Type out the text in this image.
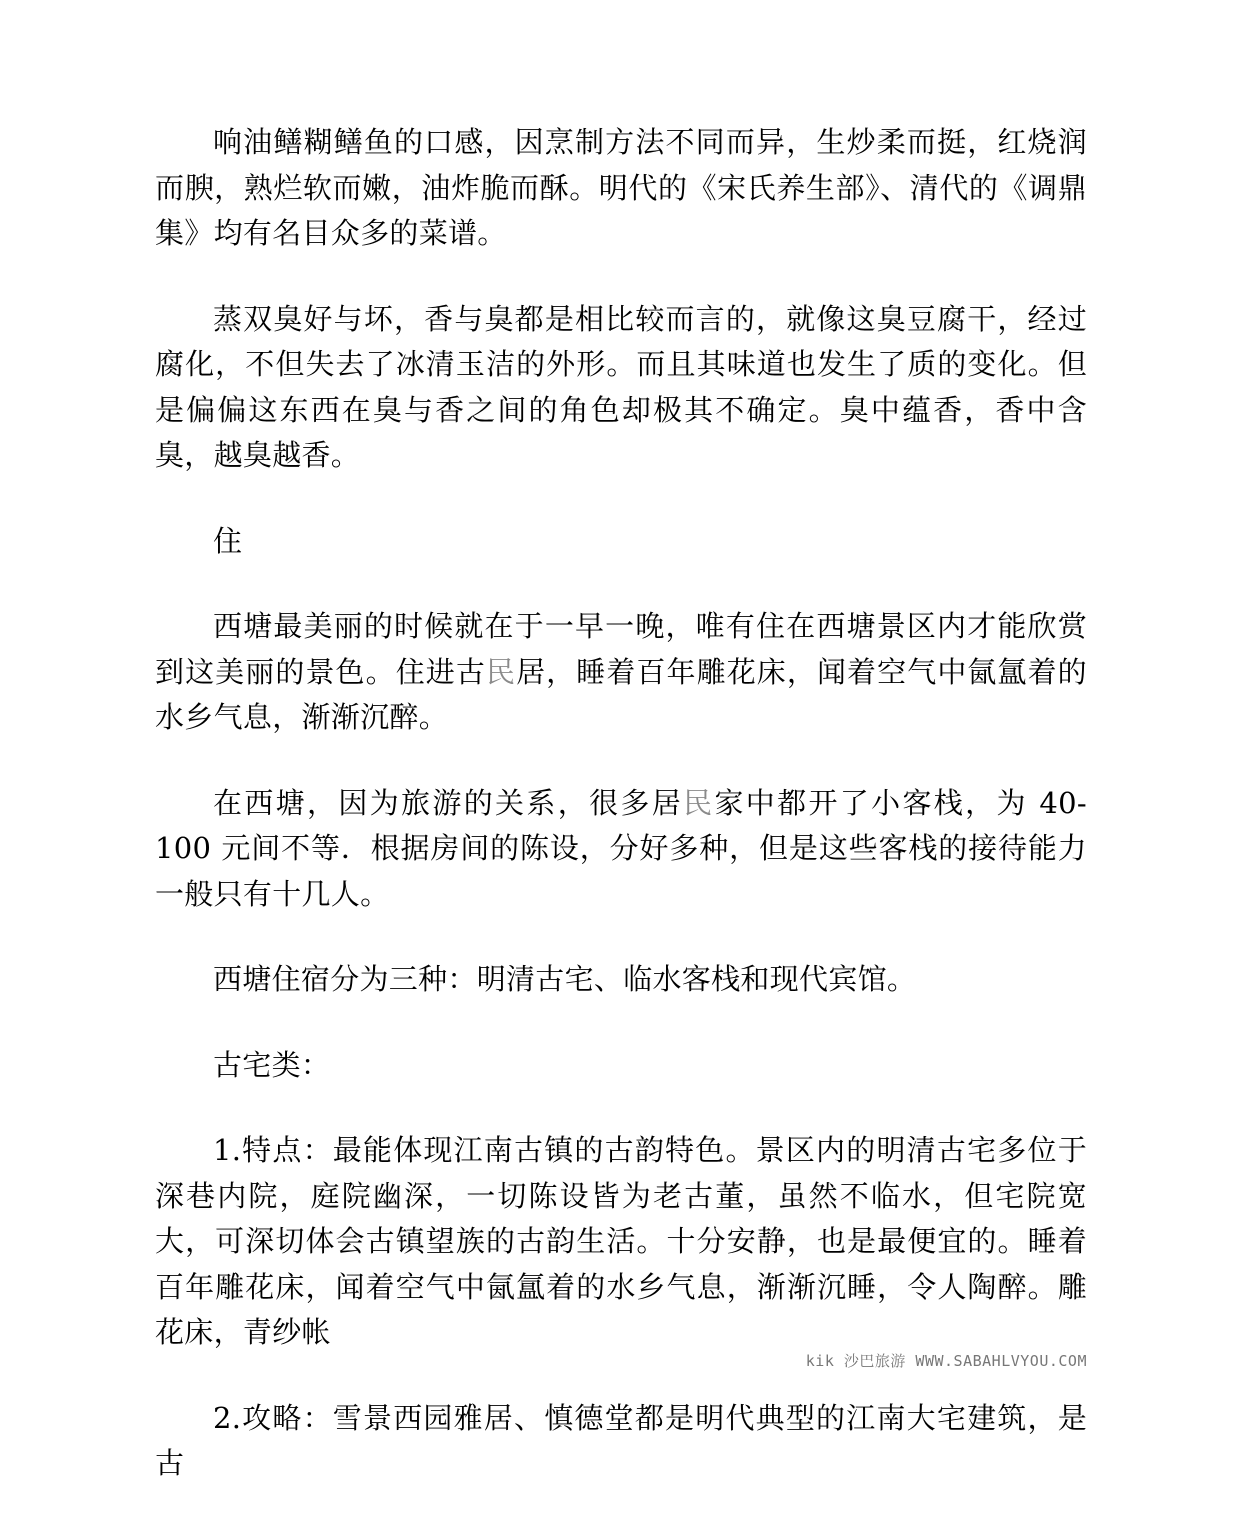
响油鳝糊鳝鱼的口感，因烹制方法不同而异，生炒柔而挺，红烧润而腴，熟烂软而嫩，油炸脆而酥。明代的《宋氏养生部》、清代的《调鼎集》均有名目众多的菜谱。

蒸双臭好与坏，香与臭都是相比较而言的，就像这臭豆腐干，经过腐化，不但失去了冰清玉洁的外形。而且其味道也发生了质的变化。但是偏偏这东西在臭与香之间的角色却极其不确定。臭中蕴香，香中含臭，越臭越香。

住

西塘最美丽的时候就在于一早一晚，唯有住在西塘景区内才能欣赏到这美丽的景色。住进古民居，睡着百年雕花床，闻着空气中氤氲着的水乡气息，渐渐沉醉。

在西塘，因为旅游的关系，很多居民家中都开了小客栈，为 40-100 元间不等．根据房间的陈设，分好多种，但是这些客栈的接待能力一般只有十几人。

西塘住宿分为三种：明清古宅、临水客栈和现代宾馆。

古宅类：

1.特点：最能体现江南古镇的古韵特色。景区内的明清古宅多位于深巷内院，庭院幽深，一切陈设皆为老古董，虽然不临水，但宅院宽大，可深切体会古镇望族的古韵生活。十分安静，也是最便宜的。睡着百年雕花床，闻着空气中氤氲着的水乡气息，渐渐沉睡，令人陶醉。雕花床，青纱帐

2.攻略：雪景西园雅居、慎德堂都是明代典型的江南大宅建筑，是古

kik 沙巴旅游 WWW.SABAHLVYOU.COM
